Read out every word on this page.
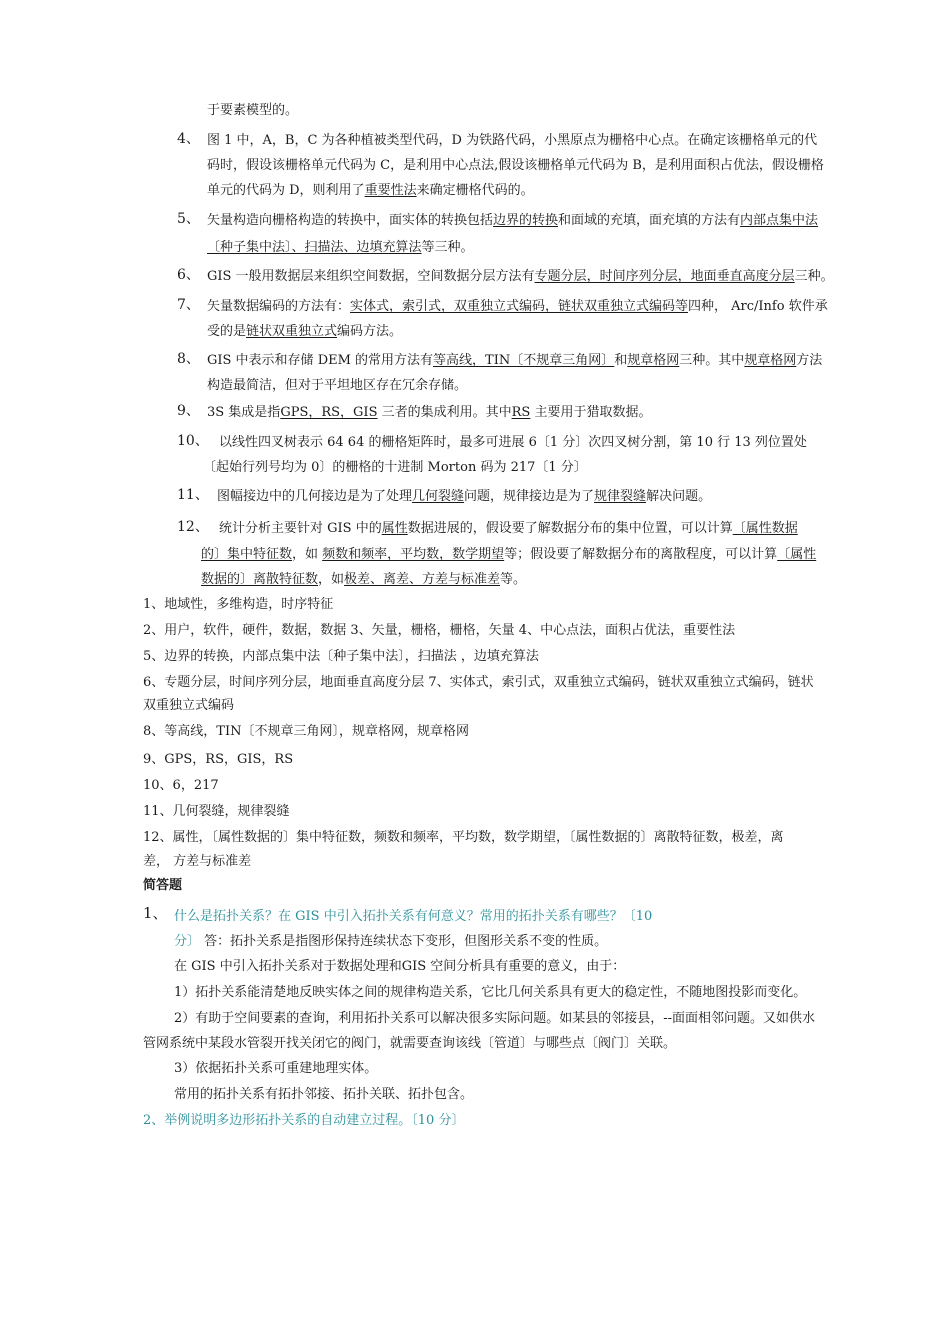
于要素模型的。
4、 图 1 中，A，B，C 为各种植被类型代码，D 为铁路代码，小黑原点为栅格中心点。在确定该栅格单元的代
码时，假设该栅格单元代码为 C，是利用中心点法,假设该栅格单元代码为 B，是利用面积占优法，假设栅格
单元的代码为 D，则利用了重要性法来确定栅格代码的。
5、 矢量构造向栅格构造的转换中，面实体的转换包括边界的转换和面域的充填，面充填的方法有内部点集中法
〔种子集中法〕、扫描法、边填充算法等三种。
6、 GIS 一般用数据层来组织空间数据，空间数据分层方法有专题分层，时间序列分层，地面垂直高度分层三种。
7、 矢量数据编码的方法有：实体式，索引式，双重独立式编码，链状双重独立式编码等四种， Arc/Info 软件承
受的是链状双重独立式编码方法。
8、 GIS 中表示和存储 DEM 的常用方法有等高线，TIN〔不规章三角网〕和规章格网三种。其中规章格网方法
构造最简洁，但对于平坦地区存在冗余存储。
9、 3S 集成是指GPS，RS，GIS 三者的集成利用。其中RS 主要用于猎取数据。
10、 以线性四叉树表示 64 64 的栅格矩阵时，最多可进展 6〔1 分〕次四叉树分割，第 10 行 13 列位置处
〔起始行列号均为 0〕的栅格的十进制 Morton 码为 217〔1 分〕
11、 图幅接边中的几何接边是为了处理几何裂缝问题，规律接边是为了规律裂缝解决问题。
12、 统计分析主要针对 GIS 中的属性数据进展的，假设要了解数据分布的集中位置，可以计算〔属性数据
的〕集中特征数，如 频数和频率，平均数，数学期望等；假设要了解数据分布的离散程度，可以计算〔属性
数据的〕离散特征数，如极差、离差、方差与标准差等。
1、地域性，多维构造，时序特征
2、用户，软件，硬件，数据，数据 3、矢量，栅格，栅格，矢量 4、中心点法，面积占优法，重要性法
5、边界的转换，内部点集中法〔种子集中法〕，扫描法 ，边填充算法
6、专题分层，时间序列分层，地面垂直高度分层 7、实体式，索引式，双重独立式编码，链状双重独立式编码，链状
双重独立式编码
8、等高线，TIN〔不规章三角网〕，规章格网，规章格网
9、GPS，RS，GIS，RS
10、6，217
11、几何裂缝，规律裂缝
12、属性，〔属性数据的〕集中特征数，频数和频率，平均数，数学期望，〔属性数据的〕离散特征数，极差，离
差， 方差与标准差
简答题
1、 什么是拓扑关系？在 GIS 中引入拓扑关系有何意义？常用的拓扑关系有哪些？〔10
分〕 答：拓扑关系是指图形保持连续状态下变形，但图形关系不变的性质。
在 GIS 中引入拓扑关系对于数据处理和GIS 空间分析具有重要的意义，由于：
1）拓扑关系能清楚地反映实体之间的规律构造关系，它比几何关系具有更大的稳定性，不随地图投影而变化。
2）有助于空间要素的查询，利用拓扑关系可以解决很多实际问题。如某县的邻接县，--面面相邻问题。又如供水
管网系统中某段水管裂开找关闭它的阀门，就需要查询该线〔管道〕与哪些点〔阀门〕关联。
3）依据拓扑关系可重建地理实体。
常用的拓扑关系有拓扑邻接、拓扑关联、拓扑包含。
2、举例说明多边形拓扑关系的自动建立过程。〔10 分〕
